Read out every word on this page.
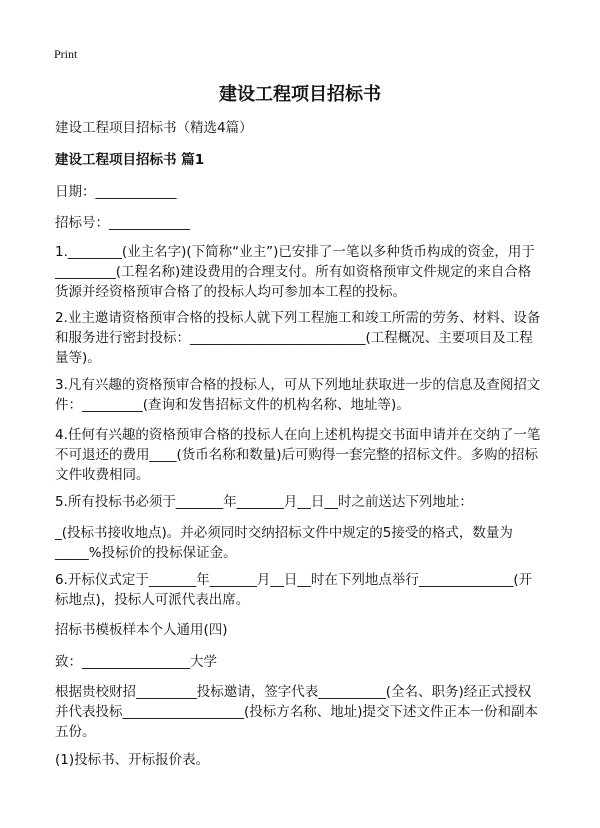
Print
建设工程项目招标书
建设工程项目招标书（精选4篇）
建设工程项目招标书 篇1
日期：____________
招标号：____________
1.________(业主名字)(下简称“业主”)已安排了一笔以多种货币构成的资金，用于
_________(工程名称)建设费用的合理支付。所有如资格预审文件规定的来自合格
货源并经资格预审合格了的投标人均可参加本工程的投标。
2.业主邀请资格预审合格的投标人就下列工程施工和竣工所需的劳务、材料、设备
和服务进行密封投标：__________________________(工程概况、主要项目及工程
量等)。
3.凡有兴趣的资格预审合格的投标人，可从下列地址获取进一步的信息及查阅招文
件：_________(查询和发售招标文件的机构名称、地址等)。
4.任何有兴趣的资格预审合格的投标人在向上述机构提交书面申请并在交纳了一笔
不可退还的费用____(货币名称和数量)后可购得一套完整的招标文件。多购的招标
文件收费相同。
5.所有投标书必须于_______年_______月__日__时之前送达下列地址：
_(投标书接收地点)。并必须同时交纳招标文件中规定的5接受的格式，数量为
_____%投标价的投标保证金。
6.开标仪式定于_______年_______月__日__时在下列地点举行______________(开
标地点)，投标人可派代表出席。
招标书模板样本个人通用(四)
致：________________大学
根据贵校财招_________投标邀请，签字代表__________(全名、职务)经正式授权
并代表投标__________________(投标方名称、地址)提交下述文件正本一份和副本
五份。
(1)投标书、开标报价表。
